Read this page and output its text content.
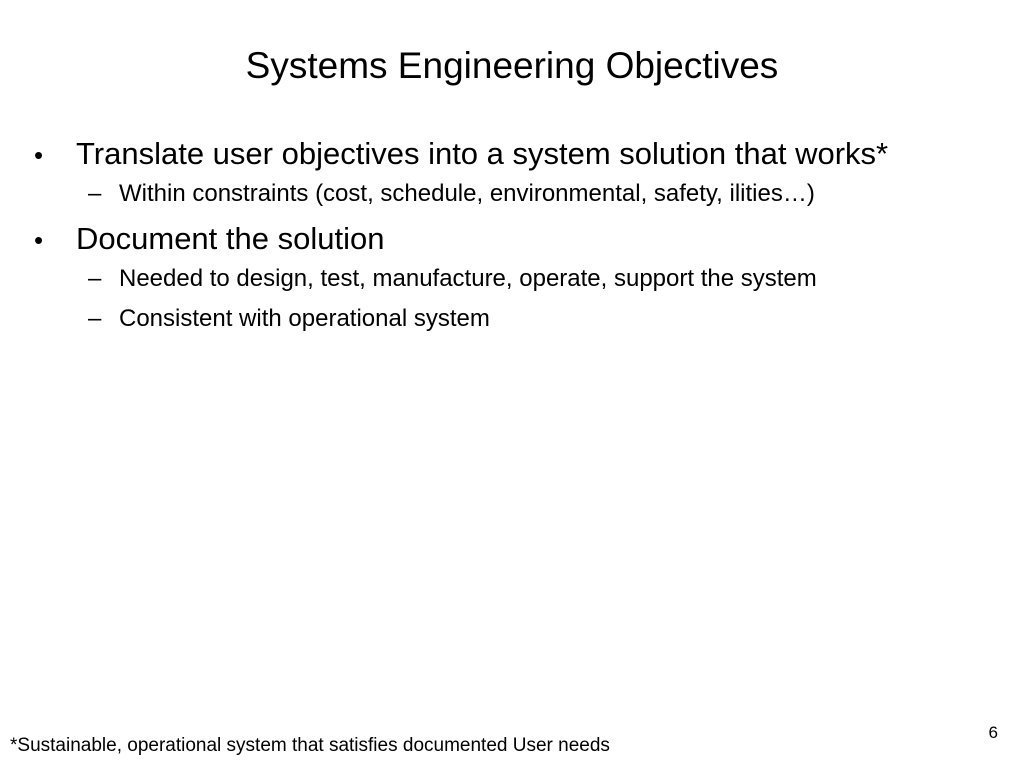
Systems Engineering Objectives
•	Translate user objectives into a system solution that works*
– Within constraints (cost, schedule, environmental, safety, ilities…)
•	Document the solution
– Needed to design, test, manufacture, operate, support the system
– Consistent with operational system
6
*Sustainable, operational system that satisfies documented User needs
